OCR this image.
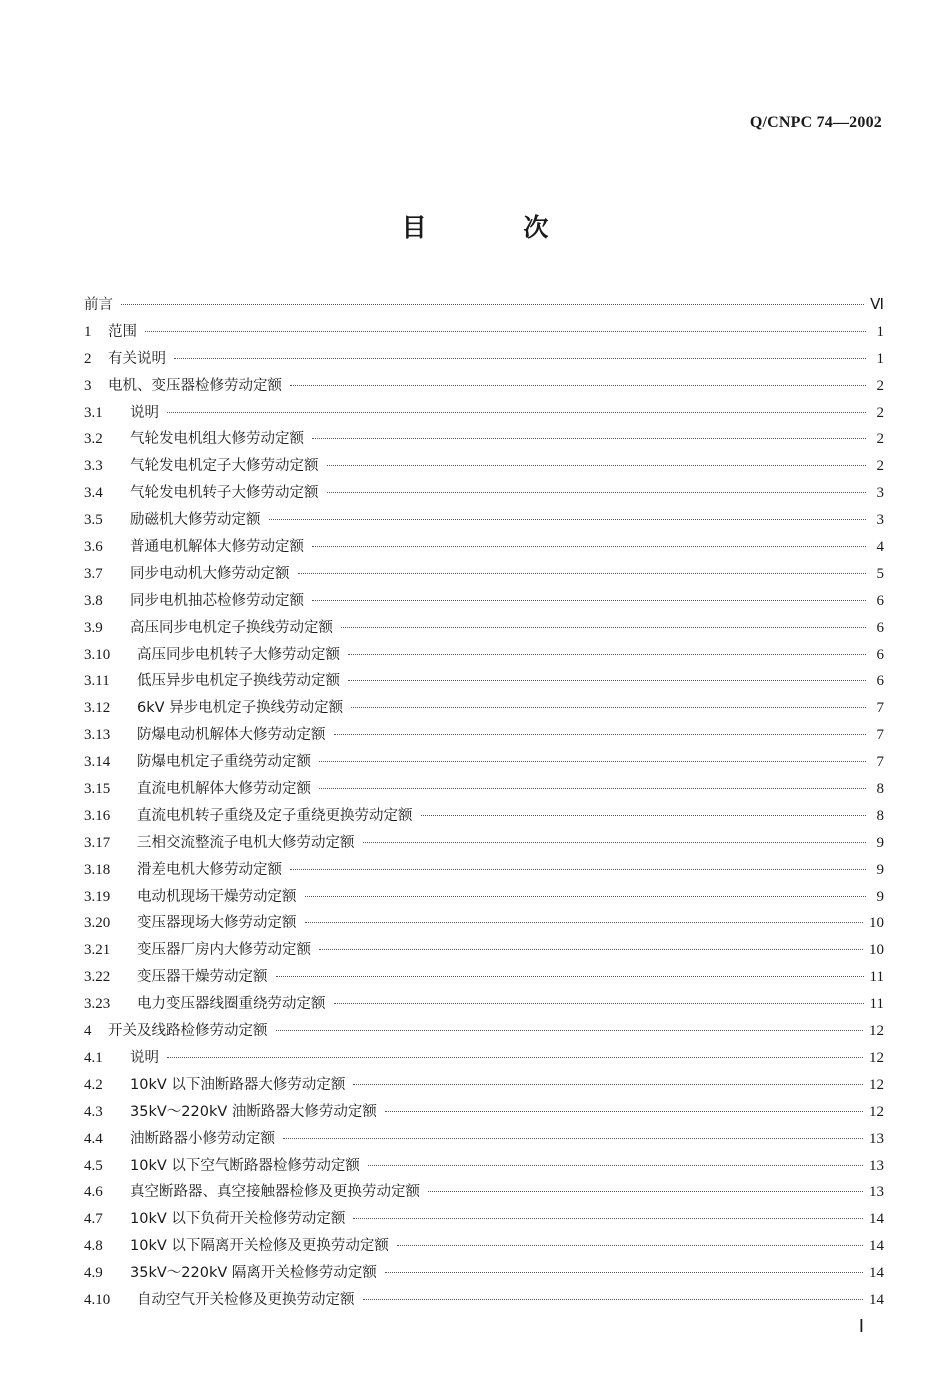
Q/CNPC 74—2002
目 次
前言	Ⅵ
1	范围	1
2	有关说明	1
3	电机、变压器检修劳动定额	2
3.1	说明	2
3.2	气轮发电机组大修劳动定额	2
3.3	气轮发电机定子大修劳动定额	2
3.4	气轮发电机转子大修劳动定额	3
3.5	励磁机大修劳动定额	3
3.6	普通电机解体大修劳动定额	4
3.7	同步电动机大修劳动定额	5
3.8	同步电机抽芯检修劳动定额	6
3.9	高压同步电机定子换线劳动定额	6
3.10	高压同步电机转子大修劳动定额	6
3.11	低压异步电机定子换线劳动定额	6
3.12	6kV 异步电机定子换线劳动定额	7
3.13	防爆电动机解体大修劳动定额	7
3.14	防爆电机定子重绕劳动定额	7
3.15	直流电机解体大修劳动定额	8
3.16	直流电机转子重绕及定子重绕更换劳动定额	8
3.17	三相交流整流子电机大修劳动定额	9
3.18	滑差电机大修劳动定额	9
3.19	电动机现场干燥劳动定额	9
3.20	变压器现场大修劳动定额	10
3.21	变压器厂房内大修劳动定额	10
3.22	变压器干燥劳动定额	11
3.23	电力变压器线圈重绕劳动定额	11
4	开关及线路检修劳动定额	12
4.1	说明	12
4.2	10kV 以下油断路器大修劳动定额	12
4.3	35kV～220kV 油断路器大修劳动定额	12
4.4	油断路器小修劳动定额	13
4.5	10kV 以下空气断路器检修劳动定额	13
4.6	真空断路器、真空接触器检修及更换劳动定额	13
4.7	10kV 以下负荷开关检修劳动定额	14
4.8	10kV 以下隔离开关检修及更换劳动定额	14
4.9	35kV～220kV 隔离开关检修劳动定额	14
4.10	自动空气开关检修及更换劳动定额	14
Ⅰ
